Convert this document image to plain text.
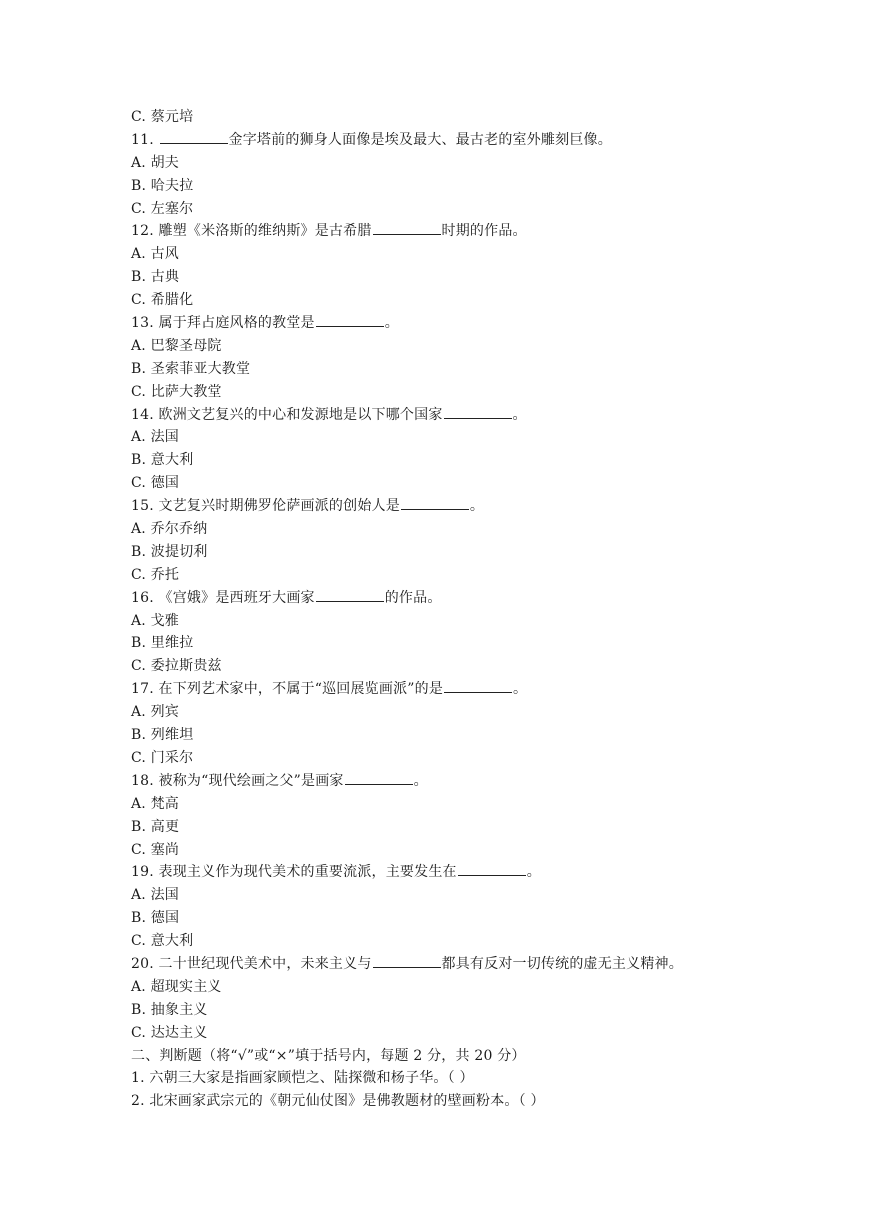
C. 蔡元培
11.	金字塔前的狮身人面像是埃及最大、最古老的室外雕刻巨像。
A. 胡夫
B. 哈夫拉
C. 左塞尔
12. 雕塑《米洛斯的维纳斯》是古希腊	时期的作品。
A. 古风
B. 古典
C. 希腊化
13. 属于拜占庭风格的教堂是	。
A. 巴黎圣母院
B. 圣索菲亚大教堂
C. 比萨大教堂
14. 欧洲文艺复兴的中心和发源地是以下哪个国家	。
A. 法国
B. 意大利
C. 德国
15. 文艺复兴时期佛罗伦萨画派的创始人是	。
A. 乔尔乔纳
B. 波提切利
C. 乔托
16. 《宫娥》是西班牙大画家	的作品。
A. 戈雅
B. 里维拉
C. 委拉斯贵兹
17. 在下列艺术家中，不属于“巡回展览画派”的是	。
A. 列宾
B. 列维坦
C. 门采尔
18. 被称为“现代绘画之父”是画家	。
A. 梵高
B. 高更
C. 塞尚
19. 表现主义作为现代美术的重要流派，主要发生在	。
A. 法国
B. 德国
C. 意大利
20. 二十世纪现代美术中，未来主义与	都具有反对一切传统的虚无主义精神。
A. 超现实主义
B. 抽象主义
C. 达达主义
二、判断题（将“√”或“×”填于括号内，每题 2 分，共 20 分）
1. 六朝三大家是指画家顾恺之、陆探微和杨子华。（ ）
2. 北宋画家武宗元的《朝元仙仗图》是佛教题材的壁画粉本。（ ）
